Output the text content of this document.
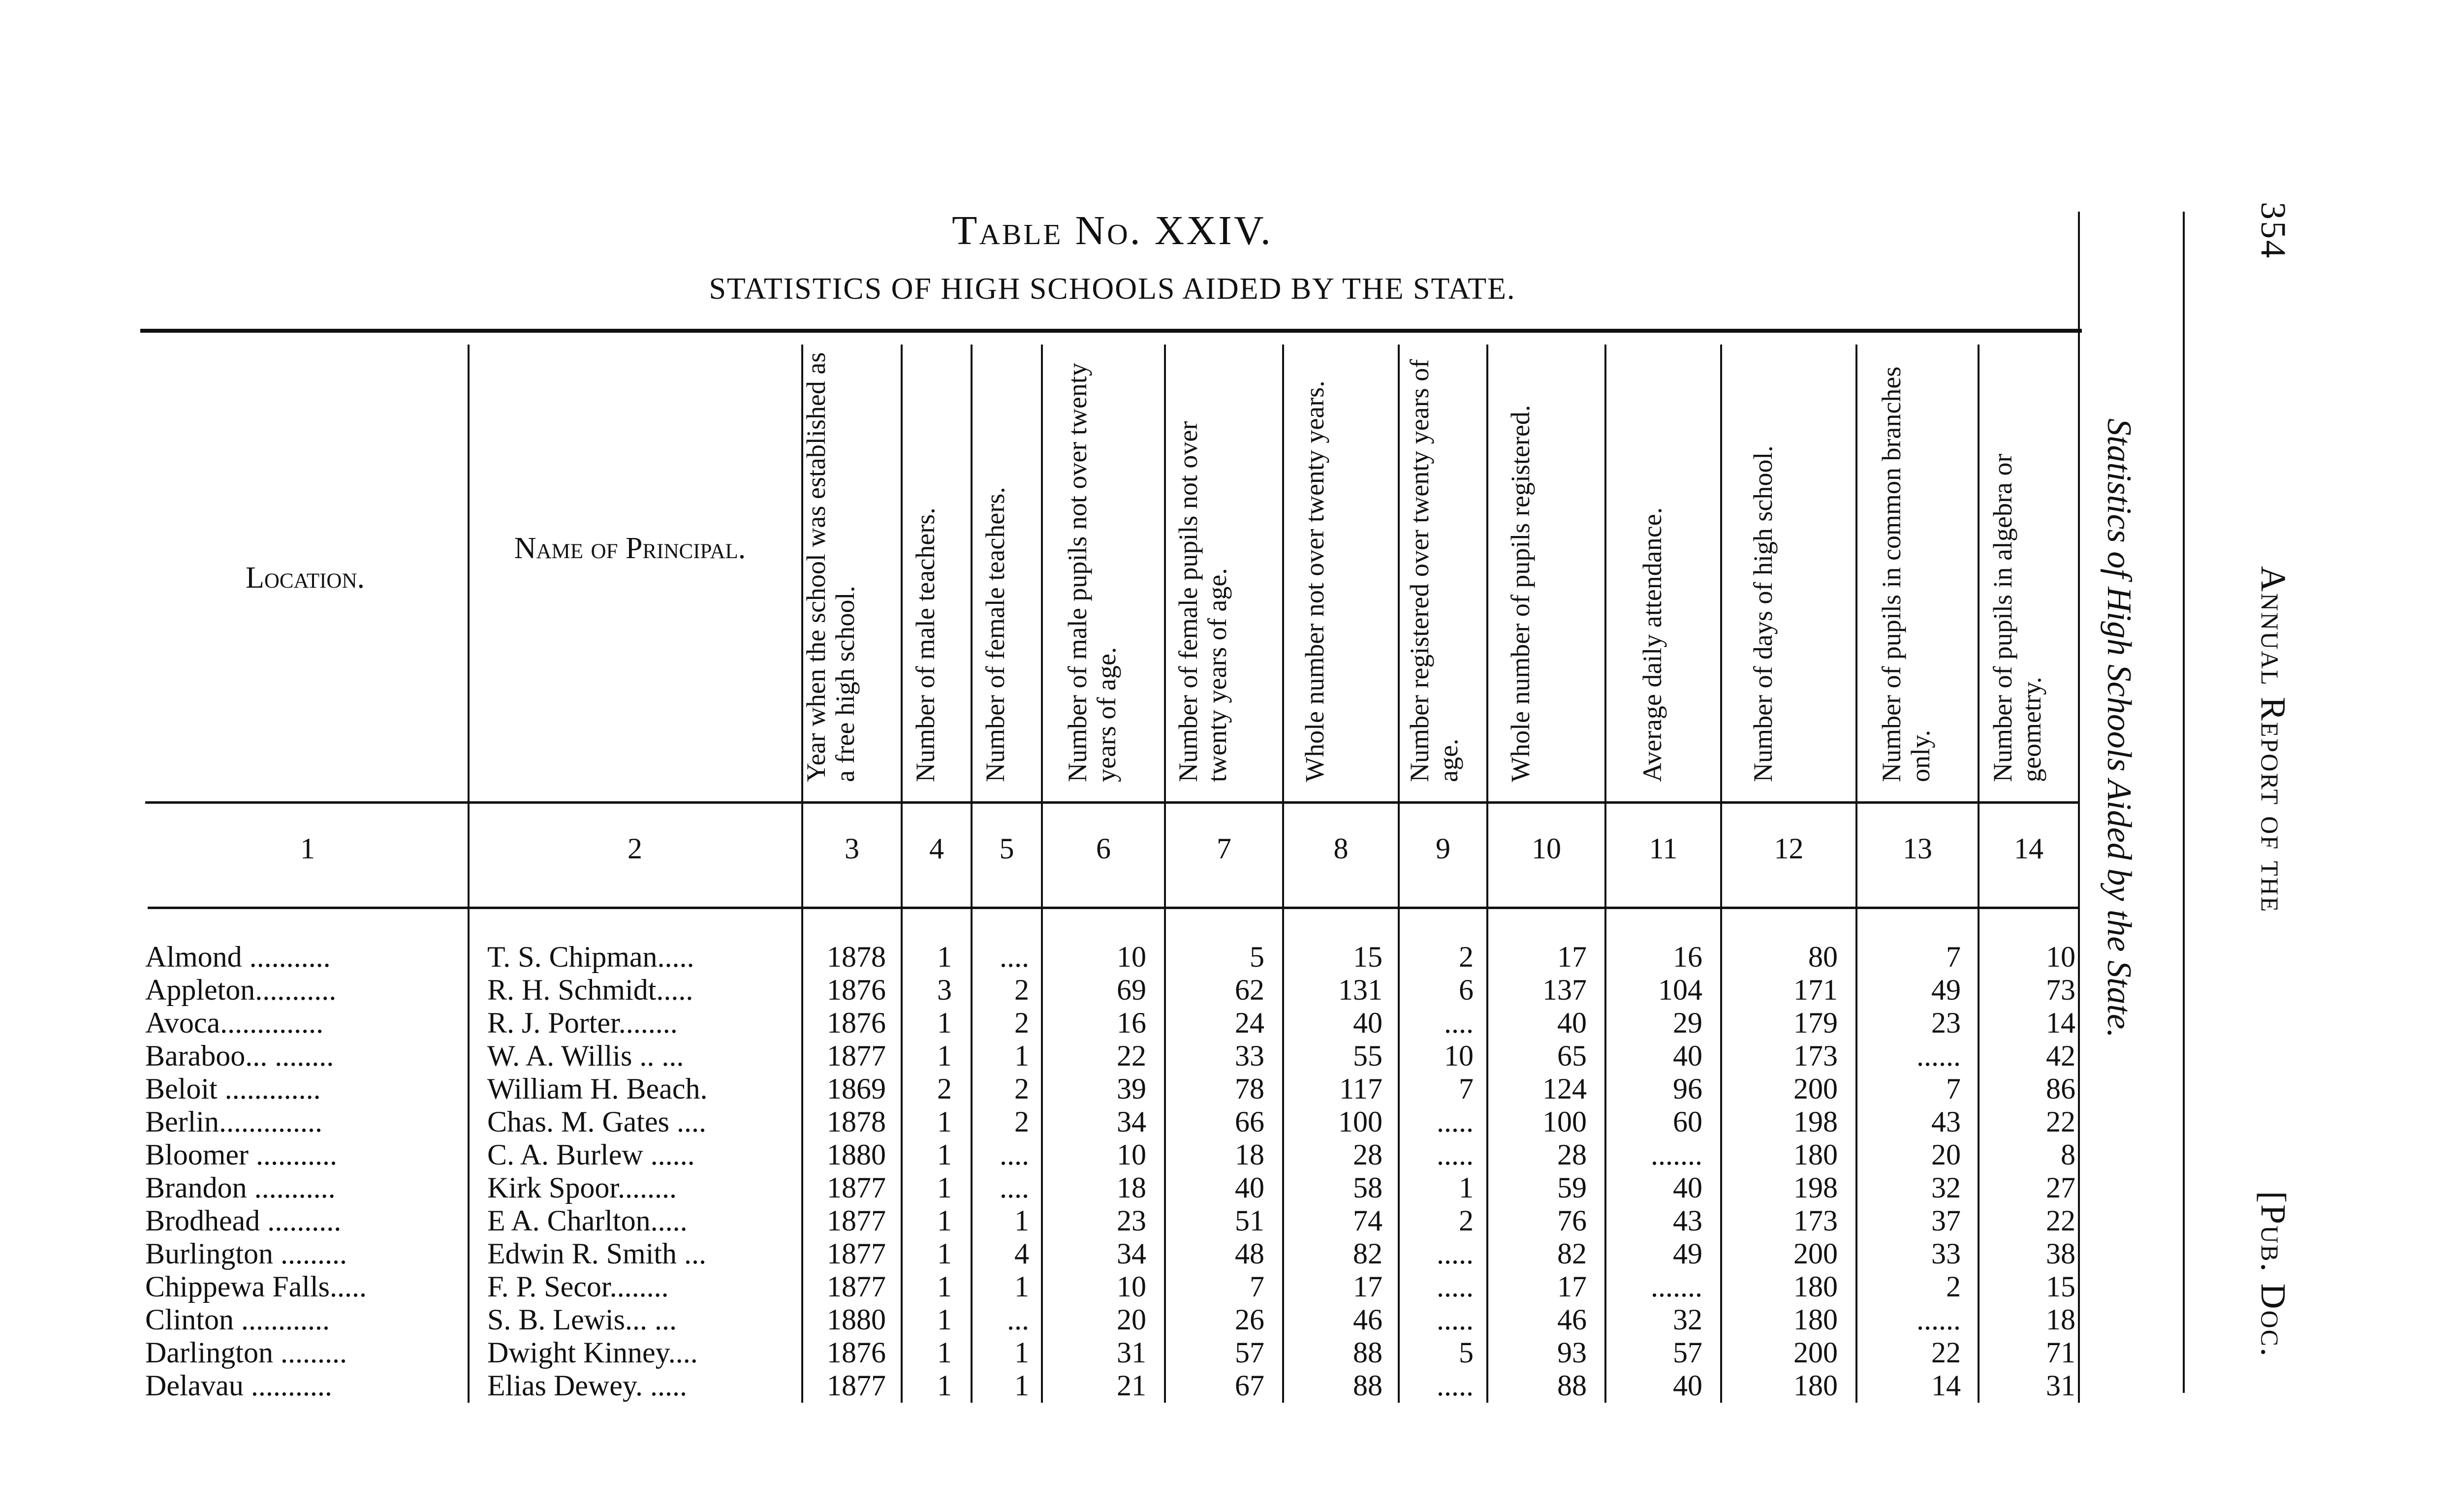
Table No. XXIV.
STATISTICS OF HIGH SCHOOLS AIDED BY THE STATE.
Location.
Name of Principal.	Year when the school was established as a free high school.	Number of male teachers.	Number of female teachers.	Number of male pupils not over twenty years of age.	Number of female pupils not over twenty years of age.	Whole number not over twenty years.	Number registered over twenty years of age.	Whole number of pupils registered.	Average daily attendance.	Number of days of high school.	Number of pupils in common branches only.	Number of pupils in algebra or geometry.
1	2	3	4	5	6	7	8	9	10	11	12	13	14
Almond ...........	T. S. Chipman.....	1878	1	....	10	5	15	2	17	16	80	7	10
Appleton...........	R. H. Schmidt.....	1876	3	2	69	62	131	6	137	104	171	49	73
Avoca..............	R. J. Porter........	1876	1	2	16	24	40	....	40	29	179	23	14
Baraboo... ........	W. A. Willis .. ...	1877	1	1	22	33	55	10	65	40	173	......	42
Beloit .............	William H. Beach.	1869	2	2	39	78	117	7	124	96	200	7	86
Berlin..............	Chas. M. Gates ....	1878	1	2	34	66	100	.....	100	60	198	43	22
Bloomer ...........	C. A. Burlew ......	1880	1	....	10	18	28	.....	28	.......	180	20	8
Brandon ...........	Kirk Spoor........	1877	1	....	18	40	58	1	59	40	198	32	27
Brodhead ..........	E A. Charlton.....	1877	1	1	23	51	74	2	76	43	173	37	22
Burlington .........	Edwin R. Smith ...	1877	1	4	34	48	82	.....	82	49	200	33	38
Chippewa Falls.....	F. P. Secor........	1877	1	1	10	7	17	.....	17	.......	180	2	15
Clinton ............	S. B. Lewis... ...	1880	1	...	20	26	46	.....	46	32	180	......	18
Darlington .........	Dwight Kinney....	1876	1	1	31	57	88	5	93	57	200	22	71
Delavau ...........	Elias Dewey. .....	1877	1	1	21	67	88	.....	88	40	180	14	31
Statistics of High Schools Aided by the State.	Annual Report of the
[Pub. Doc.
354
